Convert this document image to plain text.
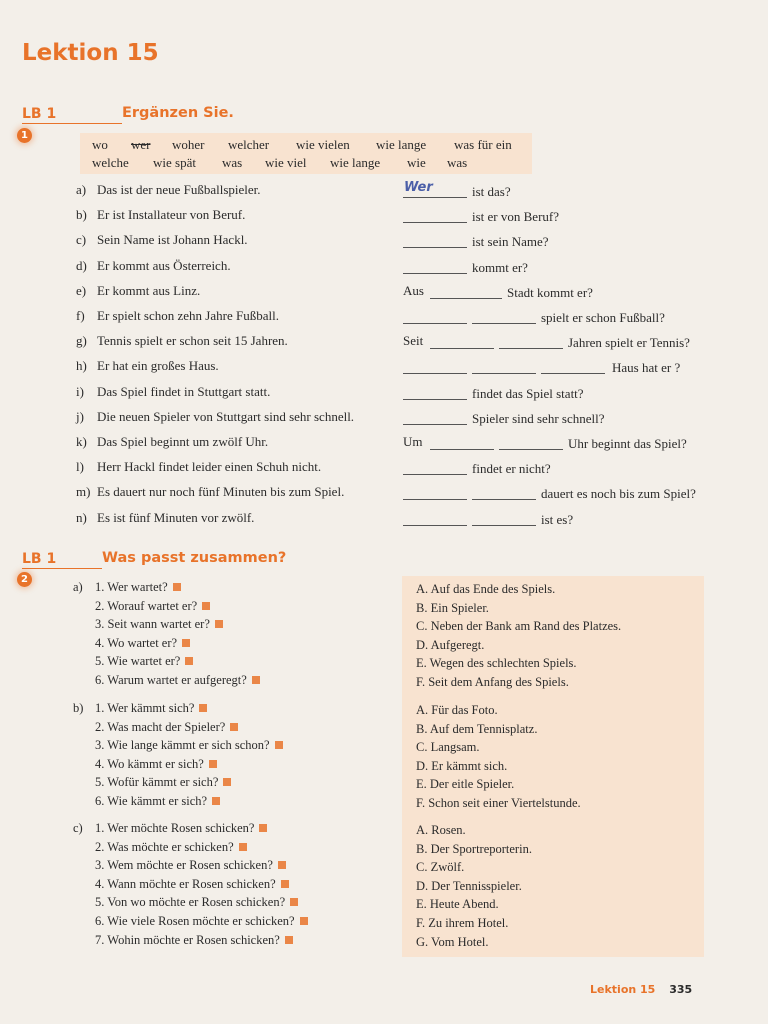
Lektion 15
LB 1	Ergänzen Sie.
1
wo wer woher welcher wie vielen wie lange was für ein
welche wie spät was wie viel wie lange wie was
a) Das ist der neue Fußballspieler.	Wer	ist das?
b) Er ist Installateur von Beruf.	ist er von Beruf?
c) Sein Name ist Johann Hackl.	ist sein Name?
d) Er kommt aus Österreich.	kommt er?
e) Er kommt aus Linz.	Aus	Stadt kommt er?
f) Er spielt schon zehn Jahre Fußball.	spielt er schon Fußball?
g) Tennis spielt er schon seit 15 Jahren.	Seit	Jahren spielt er Tennis?
h) Er hat ein großes Haus.	Haus hat er ?
i) Das Spiel findet in Stuttgart statt.	findet das Spiel statt?
j) Die neuen Spieler von Stuttgart sind sehr schnell.	Spieler sind sehr schnell?
k) Das Spiel beginnt um zwölf Uhr.	Um	Uhr beginnt das Spiel?
l) Herr Hackl findet leider einen Schuh nicht.	findet er nicht?
m) Es dauert nur noch fünf Minuten bis zum Spiel.	dauert es noch bis zum Spiel?
n) Es ist fünf Minuten vor zwölf.	ist es?
LB 1	Was passt zusammen?
2
a) 1. Wer wartet?
2. Worauf wartet er?
3. Seit wann wartet er?
4. Wo wartet er?
5. Wie wartet er?
6. Warum wartet er aufgeregt?
A. Auf das Ende des Spiels.
B. Ein Spieler.
C. Neben der Bank am Rand des Platzes.
D. Aufgeregt.
E. Wegen des schlechten Spiels.
F. Seit dem Anfang des Spiels.
b) 1. Wer kämmt sich?
2. Was macht der Spieler?
3. Wie lange kämmt er sich schon?
4. Wo kämmt er sich?
5. Wofür kämmt er sich?
6. Wie kämmt er sich?
A. Für das Foto.
B. Auf dem Tennisplatz.
C. Langsam.
D. Er kämmt sich.
E. Der eitle Spieler.
F. Schon seit einer Viertelstunde.
c) 1. Wer möchte Rosen schicken?
2. Was möchte er schicken?
3. Wem möchte er Rosen schicken?
4. Wann möchte er Rosen schicken?
5. Von wo möchte er Rosen schicken?
6. Wie viele Rosen möchte er schicken?
7. Wohin möchte er Rosen schicken?
A. Rosen.
B. Der Sportreporterin.
C. Zwölf.
D. Der Tennisspieler.
E. Heute Abend.
F. Zu ihrem Hotel.
G. Vom Hotel.
Lektion 15 335
